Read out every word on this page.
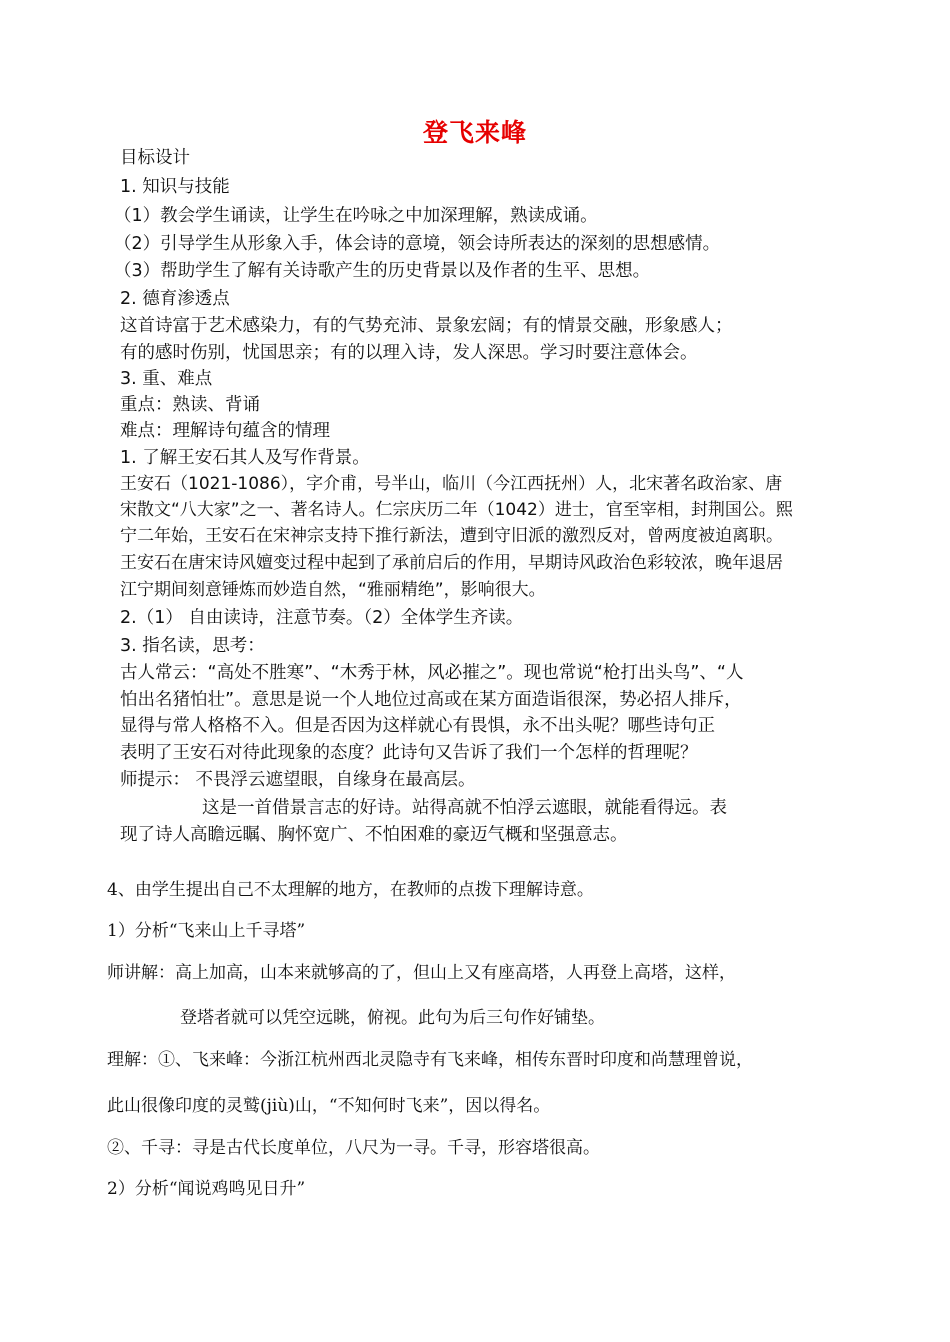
登飞来峰
目标设计
1. 知识与技能
（1）教会学生诵读，让学生在吟咏之中加深理解，熟读成诵。
（2）引导学生从形象入手，体会诗的意境，领会诗所表达的深刻的思想感情。
（3）帮助学生了解有关诗歌产生的历史背景以及作者的生平、思想。
2. 德育渗透点
这首诗富于艺术感染力，有的气势充沛、景象宏阔；有的情景交融，形象感人；
有的感时伤别，忧国思亲；有的以理入诗，发人深思。学习时要注意体会。
3. 重、难点
重点：熟读、背诵
难点：理解诗句蕴含的情理
1. 了解王安石其人及写作背景。
王安石（1021-1086），字介甫，号半山，临川（今江西抚州）人，北宋著名政治家、唐
宋散文“八大家”之一、著名诗人。仁宗庆历二年（1042）进士，官至宰相，封荆国公。熙
宁二年始，王安石在宋神宗支持下推行新法，遭到守旧派的激烈反对，曾两度被迫离职。
王安石在唐宋诗风嬗变过程中起到了承前启后的作用，早期诗风政治色彩较浓，晚年退居
江宁期间刻意锤炼而妙造自然，“雅丽精绝”，影响很大。
2.（1） 自由读诗，注意节奏。（2）全体学生齐读。
3. 指名读，思考：
古人常云：“高处不胜寒”、“木秀于林，风必摧之”。现也常说“枪打出头鸟”、“人
怕出名猪怕壮”。意思是说一个人地位过高或在某方面造诣很深，势必招人排斥，
显得与常人格格不入。但是否因为这样就心有畏惧，永不出头呢？哪些诗句正
表明了王安石对待此现象的态度？此诗句又告诉了我们一个怎样的哲理呢？
师提示： 不畏浮云遮望眼，自缘身在最高层。
这是一首借景言志的好诗。站得高就不怕浮云遮眼，就能看得远。表
现了诗人高瞻远瞩、胸怀宽广、不怕困难的豪迈气概和坚强意志。
4、由学生提出自己不太理解的地方，在教师的点拨下理解诗意。
1）分析“飞来山上千寻塔”
师讲解：高上加高，山本来就够高的了，但山上又有座高塔，人再登上高塔，这样，
登塔者就可以凭空远眺，俯视。此句为后三句作好铺垫。
理解：①、飞来峰：今浙江杭州西北灵隐寺有飞来峰，相传东晋时印度和尚慧理曾说，
此山很像印度的灵鹫(jiù)山，“不知何时飞来”，因以得名。
②、千寻：寻是古代长度单位，八尺为一寻。千寻，形容塔很高。
2）分析“闻说鸡鸣见日升”
